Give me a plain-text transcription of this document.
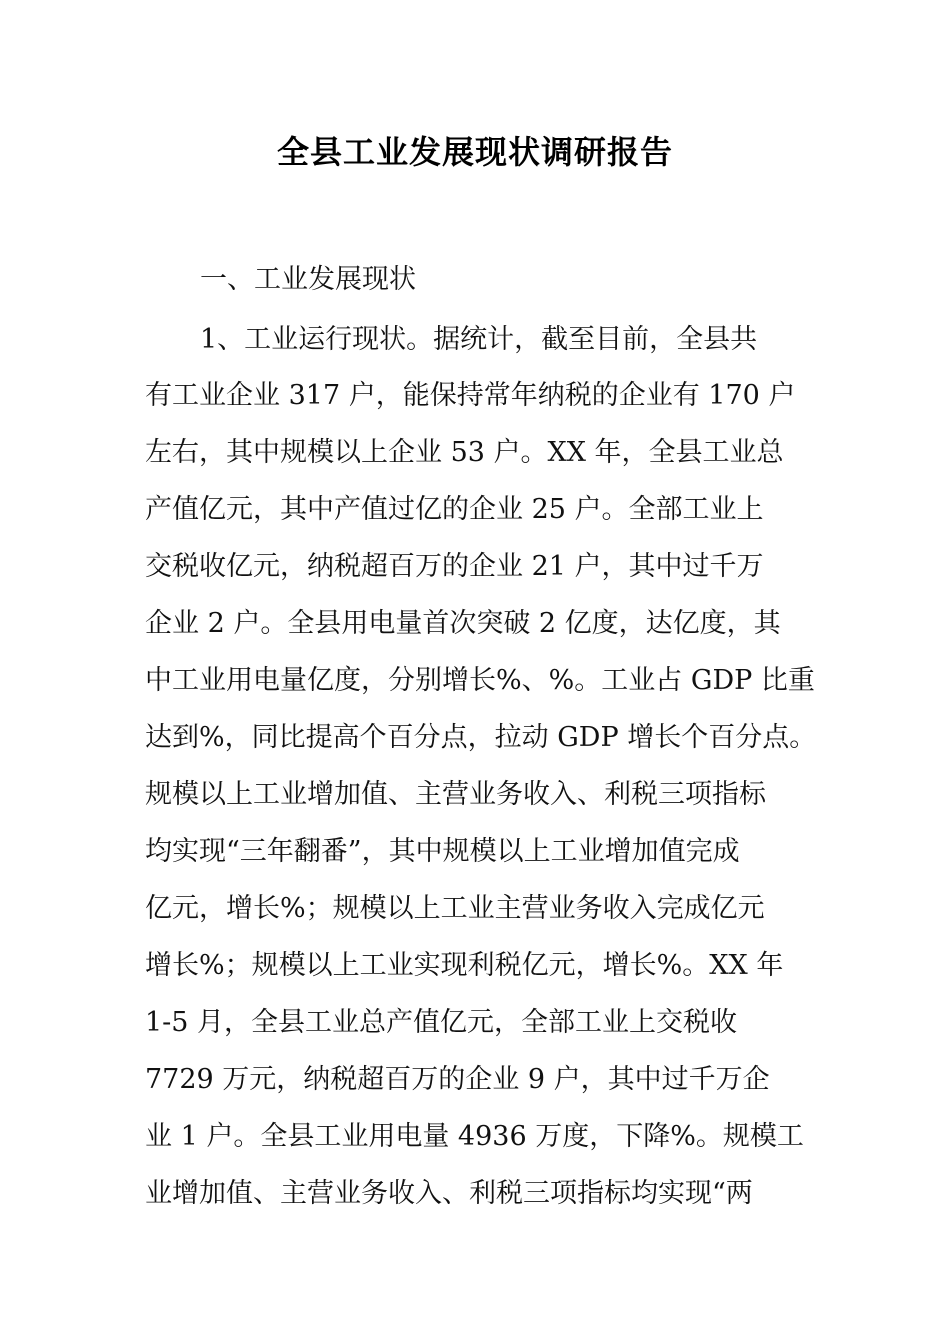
全县工业发展现状调研报告
一、工业发展现状
1、工业运行现状。据统计，截至目前，全县共
有工业企业 317 户，能保持常年纳税的企业有 170 户
左右，其中规模以上企业 53 户。XX 年，全县工业总
产值亿元，其中产值过亿的企业 25 户。全部工业上
交税收亿元，纳税超百万的企业 21 户，其中过千万
企业 2 户。全县用电量首次突破 2 亿度，达亿度，其
中工业用电量亿度，分别增长%、%。工业占 GDP 比重
达到%，同比提高个百分点，拉动 GDP 增长个百分点。
规模以上工业增加值、主营业务收入、利税三项指标
均实现“三年翻番”，其中规模以上工业增加值完成
亿元，增长%；规模以上工业主营业务收入完成亿元
增长%；规模以上工业实现利税亿元，增长%。XX 年
1-5 月，全县工业总产值亿元，全部工业上交税收
7729 万元，纳税超百万的企业 9 户，其中过千万企
业 1 户。全县工业用电量 4936 万度，下降%。规模工
业增加值、主营业务收入、利税三项指标均实现“两
